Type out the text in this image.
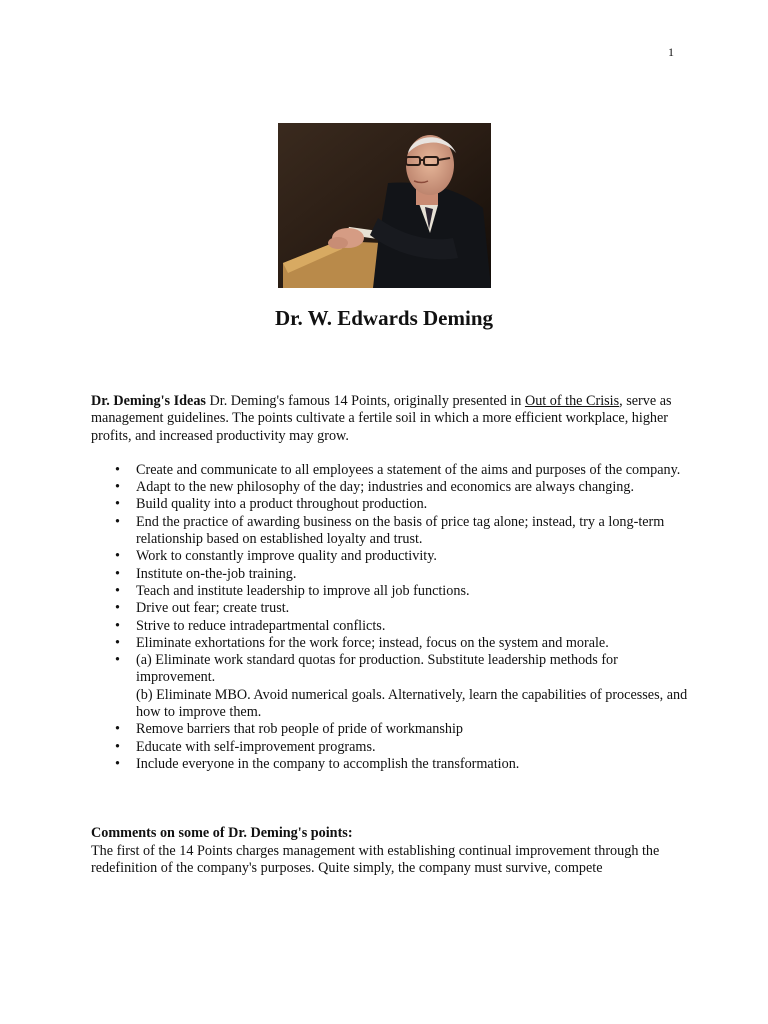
1
Dr. W. Edwards Deming

Dr. Deming's Ideas Dr. Deming's famous 14 Points, originally presented in Out of the Crisis, serve as management guidelines. The points cultivate a fertile soil in which a more efficient workplace, higher profits, and increased productivity may grow.

• Create and communicate to all employees a statement of the aims and purposes of the company.
• Adapt to the new philosophy of the day; industries and economics are always changing.
• Build quality into a product throughout production.
• End the practice of awarding business on the basis of price tag alone; instead, try a long-term relationship based on established loyalty and trust.
• Work to constantly improve quality and productivity.
• Institute on-the-job training.
• Teach and institute leadership to improve all job functions.
• Drive out fear; create trust.
• Strive to reduce intradepartmental conflicts.
• Eliminate exhortations for the work force; instead, focus on the system and morale.
• (a) Eliminate work standard quotas for production. Substitute leadership methods for improvement.
(b) Eliminate MBO. Avoid numerical goals. Alternatively, learn the capabilities of processes, and how to improve them.
• Remove barriers that rob people of pride of workmanship
• Educate with self-improvement programs.
• Include everyone in the company to accomplish the transformation.

Comments on some of Dr. Deming's points:

The first of the 14 Points charges management with establishing continual improvement through the redefinition of the company's purposes. Quite simply, the company must survive, compete
